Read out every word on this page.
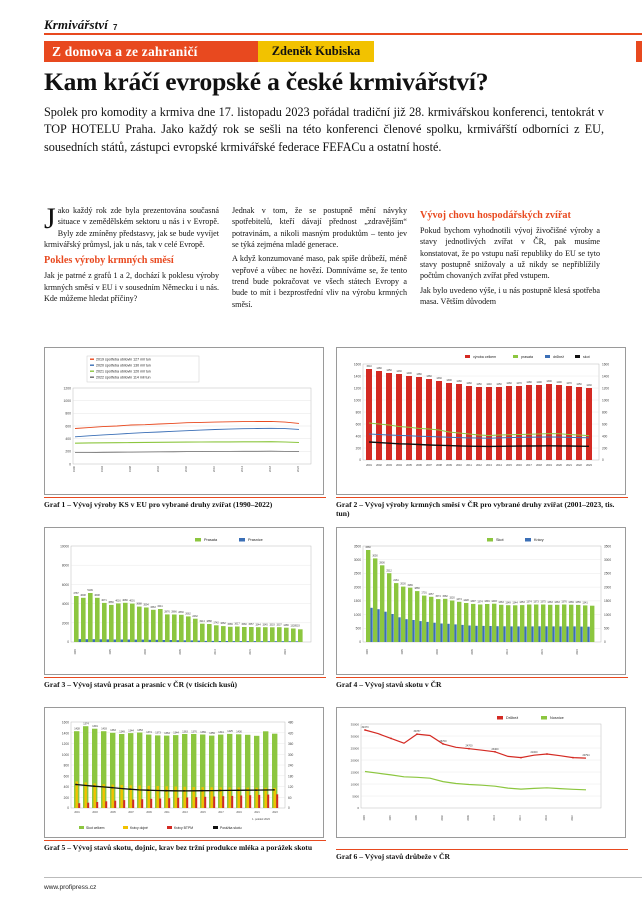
Krmivářství 7
Z domova a ze zahraničí	Zdeněk Kubiska
Kam kráčí evropské a české krmivářství?
Spolek pro komodity a krmiva dne 17. listopadu 2023 pořádal tradiční již 28. krmivářskou konferenci, tentokrát v TOP HOTELU Praha. Jako každý rok se sešli na této konferenci členové spolku, krmivářští odborníci z EU, sousedních států, zástupci evropské krmivářské federace FEFACu a ostatní hosté.

Jako každý rok zde byla prezentována současná situace v zemědělském sektoru u nás i v Evropě. Byly zde zmíněny předstasvy, jak se bude vyvíjet krmivářský průmysl, jak u nás, tak v celé Evropě.

Pokles výroby krmných směsí

Jak je patrné z grafů 1 a 2, dochází k poklesu výroby krmných směsí v EU i v sousedním Německu i u nás. Kde můžeme hledat příčiny?

Jednak v tom, že se postupně mění návyky spotřebitelů, kteří dávají přednost „zdravějším“ potravinám, a nikoli masným produktům – tento jev se týká zejména mladé generace.

A když konzumované maso, pak spíše drůbeží, méně vepřové a vůbec ne hovězí. Domníváme se, že tento trend bude pokračovat ve všech státech Evropy a bude to mít i bezprostřední vliv na výrobu krmných směsí.

Vývoj chovu hospodářských zvířat

Pokud bychom vyhodnotili vývoj živočišné výroby a stavy jednotlivých zvířat v ČR, pak musíme konstatovat, že po vstupu naší republiky do EU se tyto stavy postupně snižovaly a už nikdy se nepřiblížily počtům chovaných zvířat před vstupem.

Jak bylo uvedeno výše, i u nás postupně klesá spotřeba masa. Větším důvodem

2019 spotřeba obilovin 127 mil tun
2020 spotřeba obilovin 130 mil tun
2021 spotřeba obilovin 120 mil tun
2022 spotřeba obilovin 114 mil tun
1200
1000
800
600
400
200
0
1990	1994	1998	2002	2006	2010	2014	2018	2022
Graf 1 – Vývoj výroby KS v EU pro vybrané druhy zvířat (1990–2022)
výroba celkem	prasata	drůbež	skot
1600
1400
1200
1000
800
600
400
200
0
1600
1400
1200
1000
800
600
400
200
0
1510
1480
1450 1430
1400 1380
1360
1330
1300 1280
1260 1250 1240 1250 1260 1270 1280 1290 1300 1290 1270 1250 1230
2001 2002 2003 2004 2005 2006 2007 2008 2009 2010 2011 2012 2013 2014 2015 2016 2017 2018 2019 2020 2021 2022 2023
Graf 2 – Vývoj výroby krmných směsí v ČR pro vybrané druhy zvířat (2001–2023, tis. tun)
Prasata	Prasnice
10000
8000
6000
4000
2000
0
4787
4608
5109
4608
4071
3866 4016 4080 4001
3688 3594
3363 3441
2876 2866 2830
2662
2432
1914 1888 1742 1662 1589 1617 1560 1557 1544 1545 1533 1537 1486 1328533
1990	1995	2000	2005	2010	2015	2020
Graf 3 – Vývoj stavů prasat a prasnic v ČR (v tisících kusů)
Skot	Krávy
3500
3000
2500
2000
1500
1000
500
0
3500
3000
2500
2000
1500
1000
500
0
3360
3050
2800
2512
2161
2030 1989
1866
1701 1657
1574 1582
1520 1474 1428 1397 1374 1391 1403 1363 1349 1344 1353 1374 1373 1375 1363 1363 1376 1369 1359 1341
1990	1995	2000	2005	2010	2015	2020
Graf 4 – Vývoj stavů skotu v ČR
1600
1400
1200
1000
800
600
400
200
0
480
420
360
300
240
180
120
60
0
1428
1374
1391
1403 1363 1349 1344 1353
1374 1373 1364 1344 1363 1376 1369 1359 1341 1425 1400
2001	2003	2005	2007	2009	2011	2013	2015	2017	2019	2021	2023
1. pololetí 2023
Skot celkem	Krávy dojné	Krávy BTPM	Porážka skotu
Graf 5 – Vývoj stavů skotu, dojnic, krav bez tržní produkce mléka a porážek skotu
Drůbež	Nosnice
35000
30000
25000
20000
15000
10000
5000
0
32473
30787
26700
24700
23400
21000
20794
1990	1994	1998	2002	2006	2010	2014	2018	2022
Graf 6 – Vývoj stavů drůbeže v ČR
www.profipress.cz
